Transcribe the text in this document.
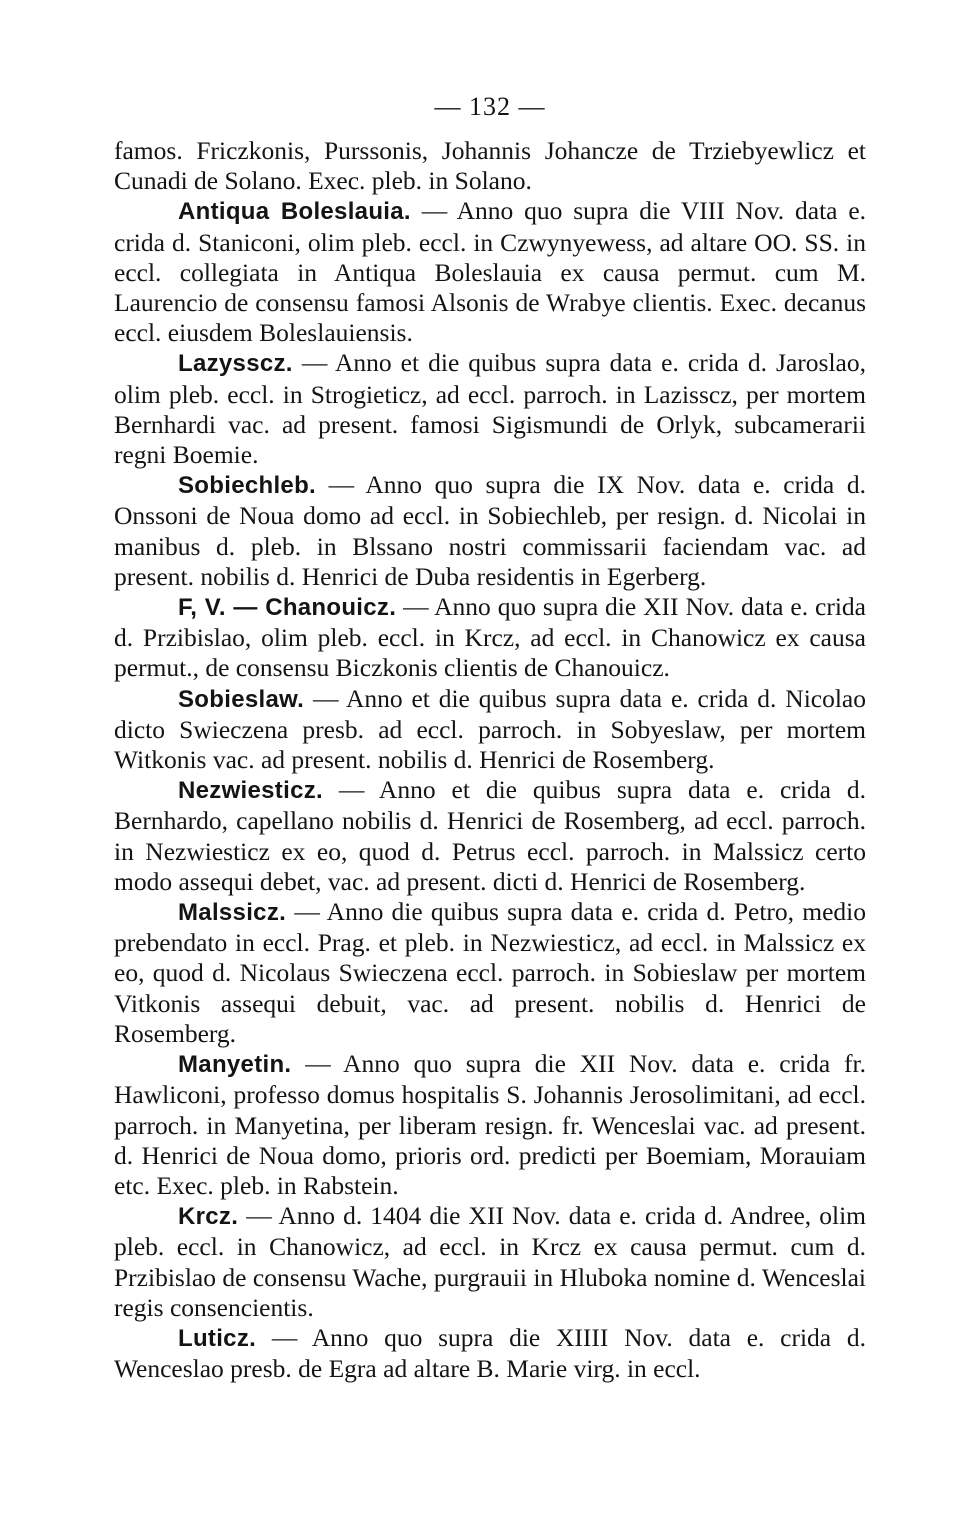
— 132 —

famos. Friczkonis, Purssonis, Johannis Johancze de Trziebyewlicz et Cunadi de Solano. Exec. pleb. in Solano.

Antiqua Boleslauia. — Anno quo supra die VIII Nov. data e. crida d. Staniconi, olim pleb. eccl. in Czwynyewess, ad altare OO. SS. in eccl. collegiata in Antiqua Boleslauia ex causa permut. cum M. Laurencio de consensu famosi Alsonis de Wrabye clientis. Exec. decanus eccl. eiusdem Boleslauiensis.

Lazyssсz. — Anno et die quibus supra data e. crida d. Jaroslao, olim pleb. eccl. in Strogieticz, ad eccl. parroch. in Lazisscz, per mortem Bernhardi vac. ad present. famosi Sigismundi de Orlyk, subcamerarii regni Boemie.

Sobiechleb. — Anno quo supra die IX Nov. data e. crida d. Onssoni de Noua domo ad eccl. in Sobiechleb, per resign. d. Nicolai in manibus d. pleb. in Blssano nostri commissarii faciendam vac. ad present. nobilis d. Henrici de Duba residentis in Egerberg.

F, V. — Chanouicz. — Anno quo supra die XII Nov. data e. crida d. Przibislao, olim pleb. eccl. in Krcz, ad eccl. in Chanowicz ex causa permut., de consensu Biczkonis clientis de Chanouicz.

Sobieslaw. — Anno et die quibus supra data e. crida d. Nicolao dicto Swieczena presb. ad eccl. parroch. in Sobyeslaw, per mortem Witkonis vac. ad present. nobilis d. Henrici de Rosemberg.

Nezwiesticz. — Anno et die quibus supra data e. crida d. Bernhardo, capellano nobilis d. Henrici de Rosemberg, ad eccl. parroch. in Nezwiesticz ex eo, quod d. Petrus eccl. parroch. in Malssicz certo modo assequi debet, vac. ad present. dicti d. Henrici de Rosemberg.

Malssicz. — Anno die quibus supra data e. crida d. Petro, medio prebendato in eccl. Prag. et pleb. in Nezwiesticz, ad eccl. in Malssicz ex eo, quod d. Nicolaus Swieczena eccl. parroch. in Sobieslaw per mortem Vitkonis assequi debuit, vac. ad present. nobilis d. Henrici de Rosemberg.

Manyetin. — Anno quo supra die XII Nov. data e. crida fr. Hawliconi, professo domus hospitalis S. Johannis Jerosolimitani, ad eccl. parroch. in Manyetina, per liberam resign. fr. Wenceslai vac. ad present. d. Henrici de Noua domo, prioris ord. predicti per Boemiam, Morauiam etc. Exec. pleb. in Rabstein.

Krcz. — Anno d. 1404 die XII Nov. data e. crida d. Andree, olim pleb. eccl. in Chanowicz, ad eccl. in Krcz ex causa permut. cum d. Przibislao de consensu Wache, purgrauii in Hluboka nomine d. Wenceslai regis consencientis.

Luticz. — Anno quo supra die XIIII Nov. data e. crida d. Wenceslao presb. de Egra ad altare B. Marie virg. in eccl.
